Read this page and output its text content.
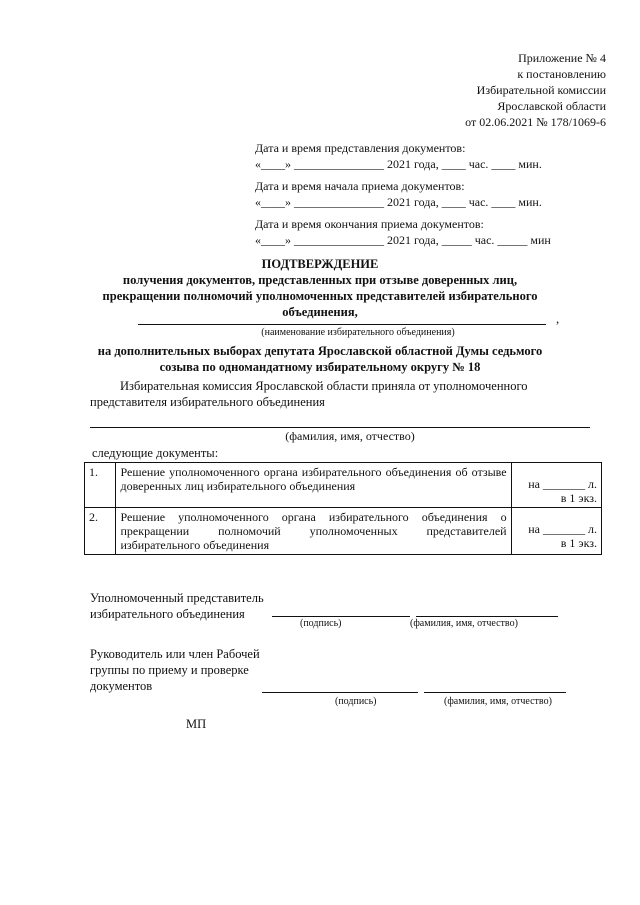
Приложение № 4
к постановлению
Избирательной комиссии
Ярославской области
от 02.06.2021 № 178/1069-6
Дата и время представления документов:
«____» _______________ 2021 года, ____ час. ____ мин.
Дата и время начала приема документов:
«____» _______________ 2021 года, ____ час. ____ мин.
Дата и время окончания приема документов:
«____» _______________ 2021 года, _____ час. _____ мин
ПОДТВЕРЖДЕНИЕ
получения документов, представленных при отзыве доверенных лиц,
прекращении полномочий уполномоченных представителей избирательного
объединения,	,
(наименование избирательного объединения)
на дополнительных выборах депутата Ярославской областной Думы седьмого
созыва по одномандатному избирательному округу № 18
Избирательная комиссия Ярославской области приняла от уполномоченного
представителя избирательного объединения
(фамилия, имя, отчество)
следующие документы:
1.	Решение уполномоченного органа избирательного объединения об отзыве доверенных лиц избирательного объединения	на _______ л.
в 1 экз.

2.	Решение уполномоченного органа избирательного объединения о прекращении полномочий уполномоченных представителей избирательного объединения	на _______ л.
в 1 экз.
Уполномоченный представитель
избирательного объединения
(подпись)	(фамилия, имя, отчество)
Руководитель или член Рабочей
группы по приему и проверке
документов
(подпись)	(фамилия, имя, отчество)
МП
